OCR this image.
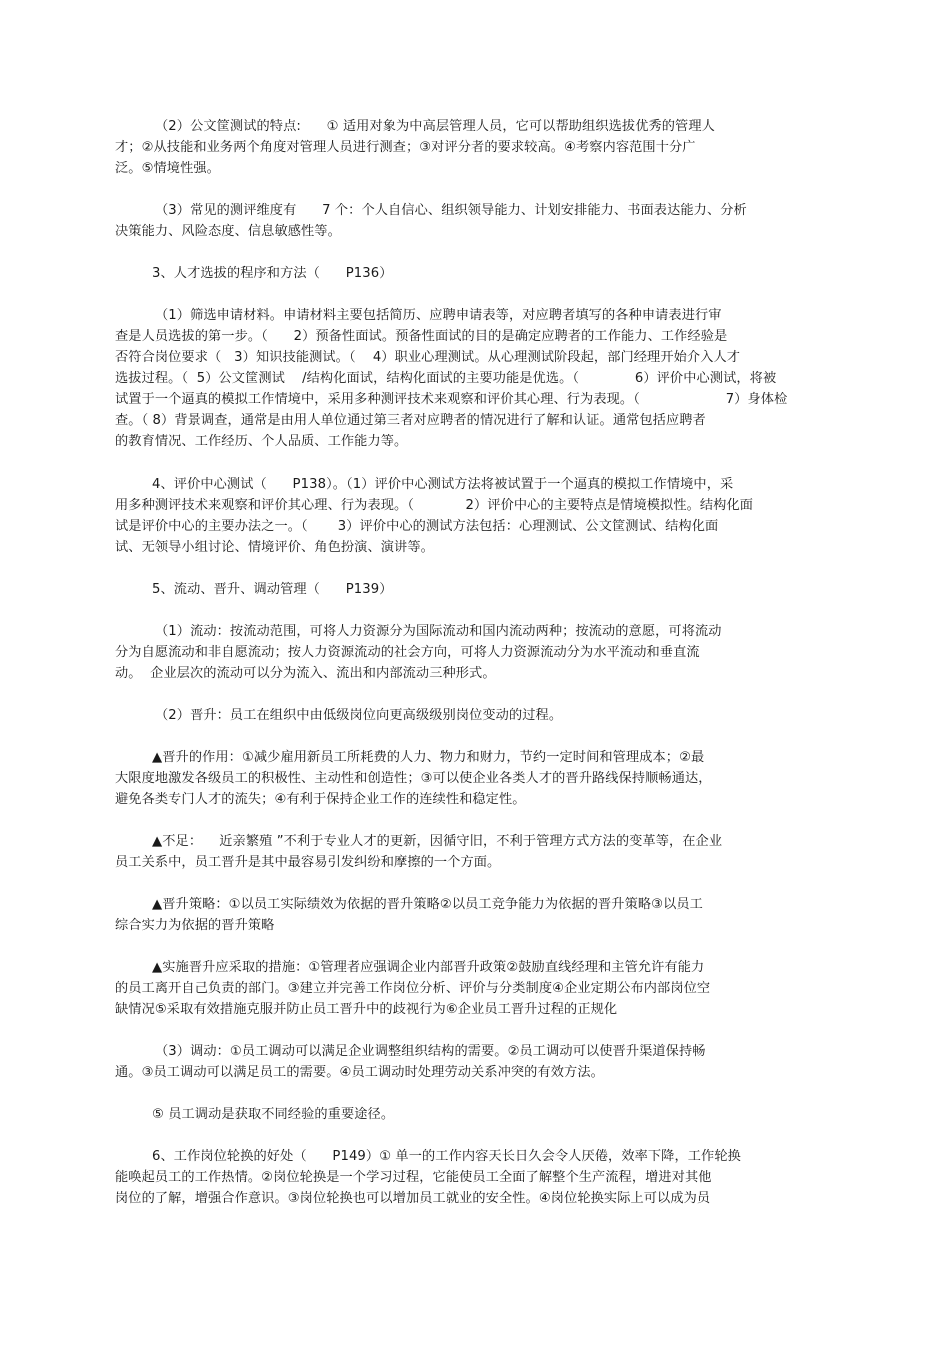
（2）公文筐测试的特点:      ① 适用对象为中高层管理人员，它可以帮助组织选拔优秀的管理人
才；②从技能和业务两个角度对管理人员进行测查；③对评分者的要求较高。④考察内容范围十分广
泛。⑤情境性强。
（3）常见的测评维度有      7 个：个人自信心、组织领导能力、计划安排能力、书面表达能力、分析
决策能力、风险态度、信息敏感性等。
3、人才选拔的程序和方法（      P136）
（1）筛选申请材料。申请材料主要包括简历、应聘申请表等，对应聘者填写的各种申请表进行审
查是人员选拔的第一步。（      2）预备性面试。预备性面试的目的是确定应聘者的工作能力、工作经验是
否符合岗位要求（   3）知识技能测试。（    4）职业心理测试。从心理测试阶段起，部门经理开始介入人才
选拔过程。（  5）公文筐测试    /结构化面试，结构化面试的主要功能是优选。（             6）评价中心测试，将被
试置于一个逼真的模拟工作情境中，采用多种测评技术来观察和评价其心理、行为表现。（                    7）身体检
查。（ 8）背景调查，通常是由用人单位通过第三者对应聘者的情况进行了解和认证。通常包括应聘者
的教育情况、工作经历、个人品质、工作能力等。
4、评价中心测试（      P138）。（1）评价中心测试方法将被试置于一个逼真的模拟工作情境中，采
用多种测评技术来观察和评价其心理、行为表现。（            2）评价中心的主要特点是情境模拟性。结构化面
试是评价中心的主要办法之一。（       3）评价中心的测试方法包括：心理测试、公文筐测试、结构化面
试、无领导小组讨论、情境评价、角色扮演、演讲等。
5、流动、晋升、调动管理（      P139）
（1）流动：按流动范围，可将人力资源分为国际流动和国内流动两种；按流动的意愿，可将流动
分为自愿流动和非自愿流动；按人力资源流动的社会方向，可将人力资源流动分为水平流动和垂直流
动。  企业层次的流动可以分为流入、流出和内部流动三种形式。
（2）晋升：员工在组织中由低级岗位向更高级级别岗位变动的过程。
▲晋升的作用：①减少雇用新员工所耗费的人力、物力和财力，节约一定时间和管理成本；②最
大限度地激发各级员工的积极性、主动性和创造性；③可以使企业各类人才的晋升路线保持顺畅通达，
避免各类专门人才的流失；④有利于保持企业工作的连续性和稳定性。
▲不足：    近亲繁殖 ”不利于专业人才的更新，因循守旧，不利于管理方式方法的变革等，在企业
员工关系中，员工晋升是其中最容易引发纠纷和摩擦的一个方面。
▲晋升策略：①以员工实际绩效为依据的晋升策略②以员工竞争能力为依据的晋升策略③以员工
综合实力为依据的晋升策略
▲实施晋升应采取的措施：①管理者应强调企业内部晋升政策②鼓励直线经理和主管允许有能力
的员工离开自己负责的部门。③建立并完善工作岗位分析、评价与分类制度④企业定期公布内部岗位空
缺情况⑤采取有效措施克服并防止员工晋升中的歧视行为⑥企业员工晋升过程的正规化
（3）调动：①员工调动可以满足企业调整组织结构的需要。②员工调动可以使晋升渠道保持畅
通。③员工调动可以满足员工的需要。④员工调动时处理劳动关系冲突的有效方法。
⑤ 员工调动是获取不同经验的重要途径。
6、工作岗位轮换的好处（      P149）① 单一的工作内容天长日久会令人厌倦，效率下降，工作轮换
能唤起员工的工作热情。②岗位轮换是一个学习过程，它能使员工全面了解整个生产流程，增进对其他
岗位的了解，增强合作意识。③岗位轮换也可以增加员工就业的安全性。④岗位轮换实际上可以成为员
